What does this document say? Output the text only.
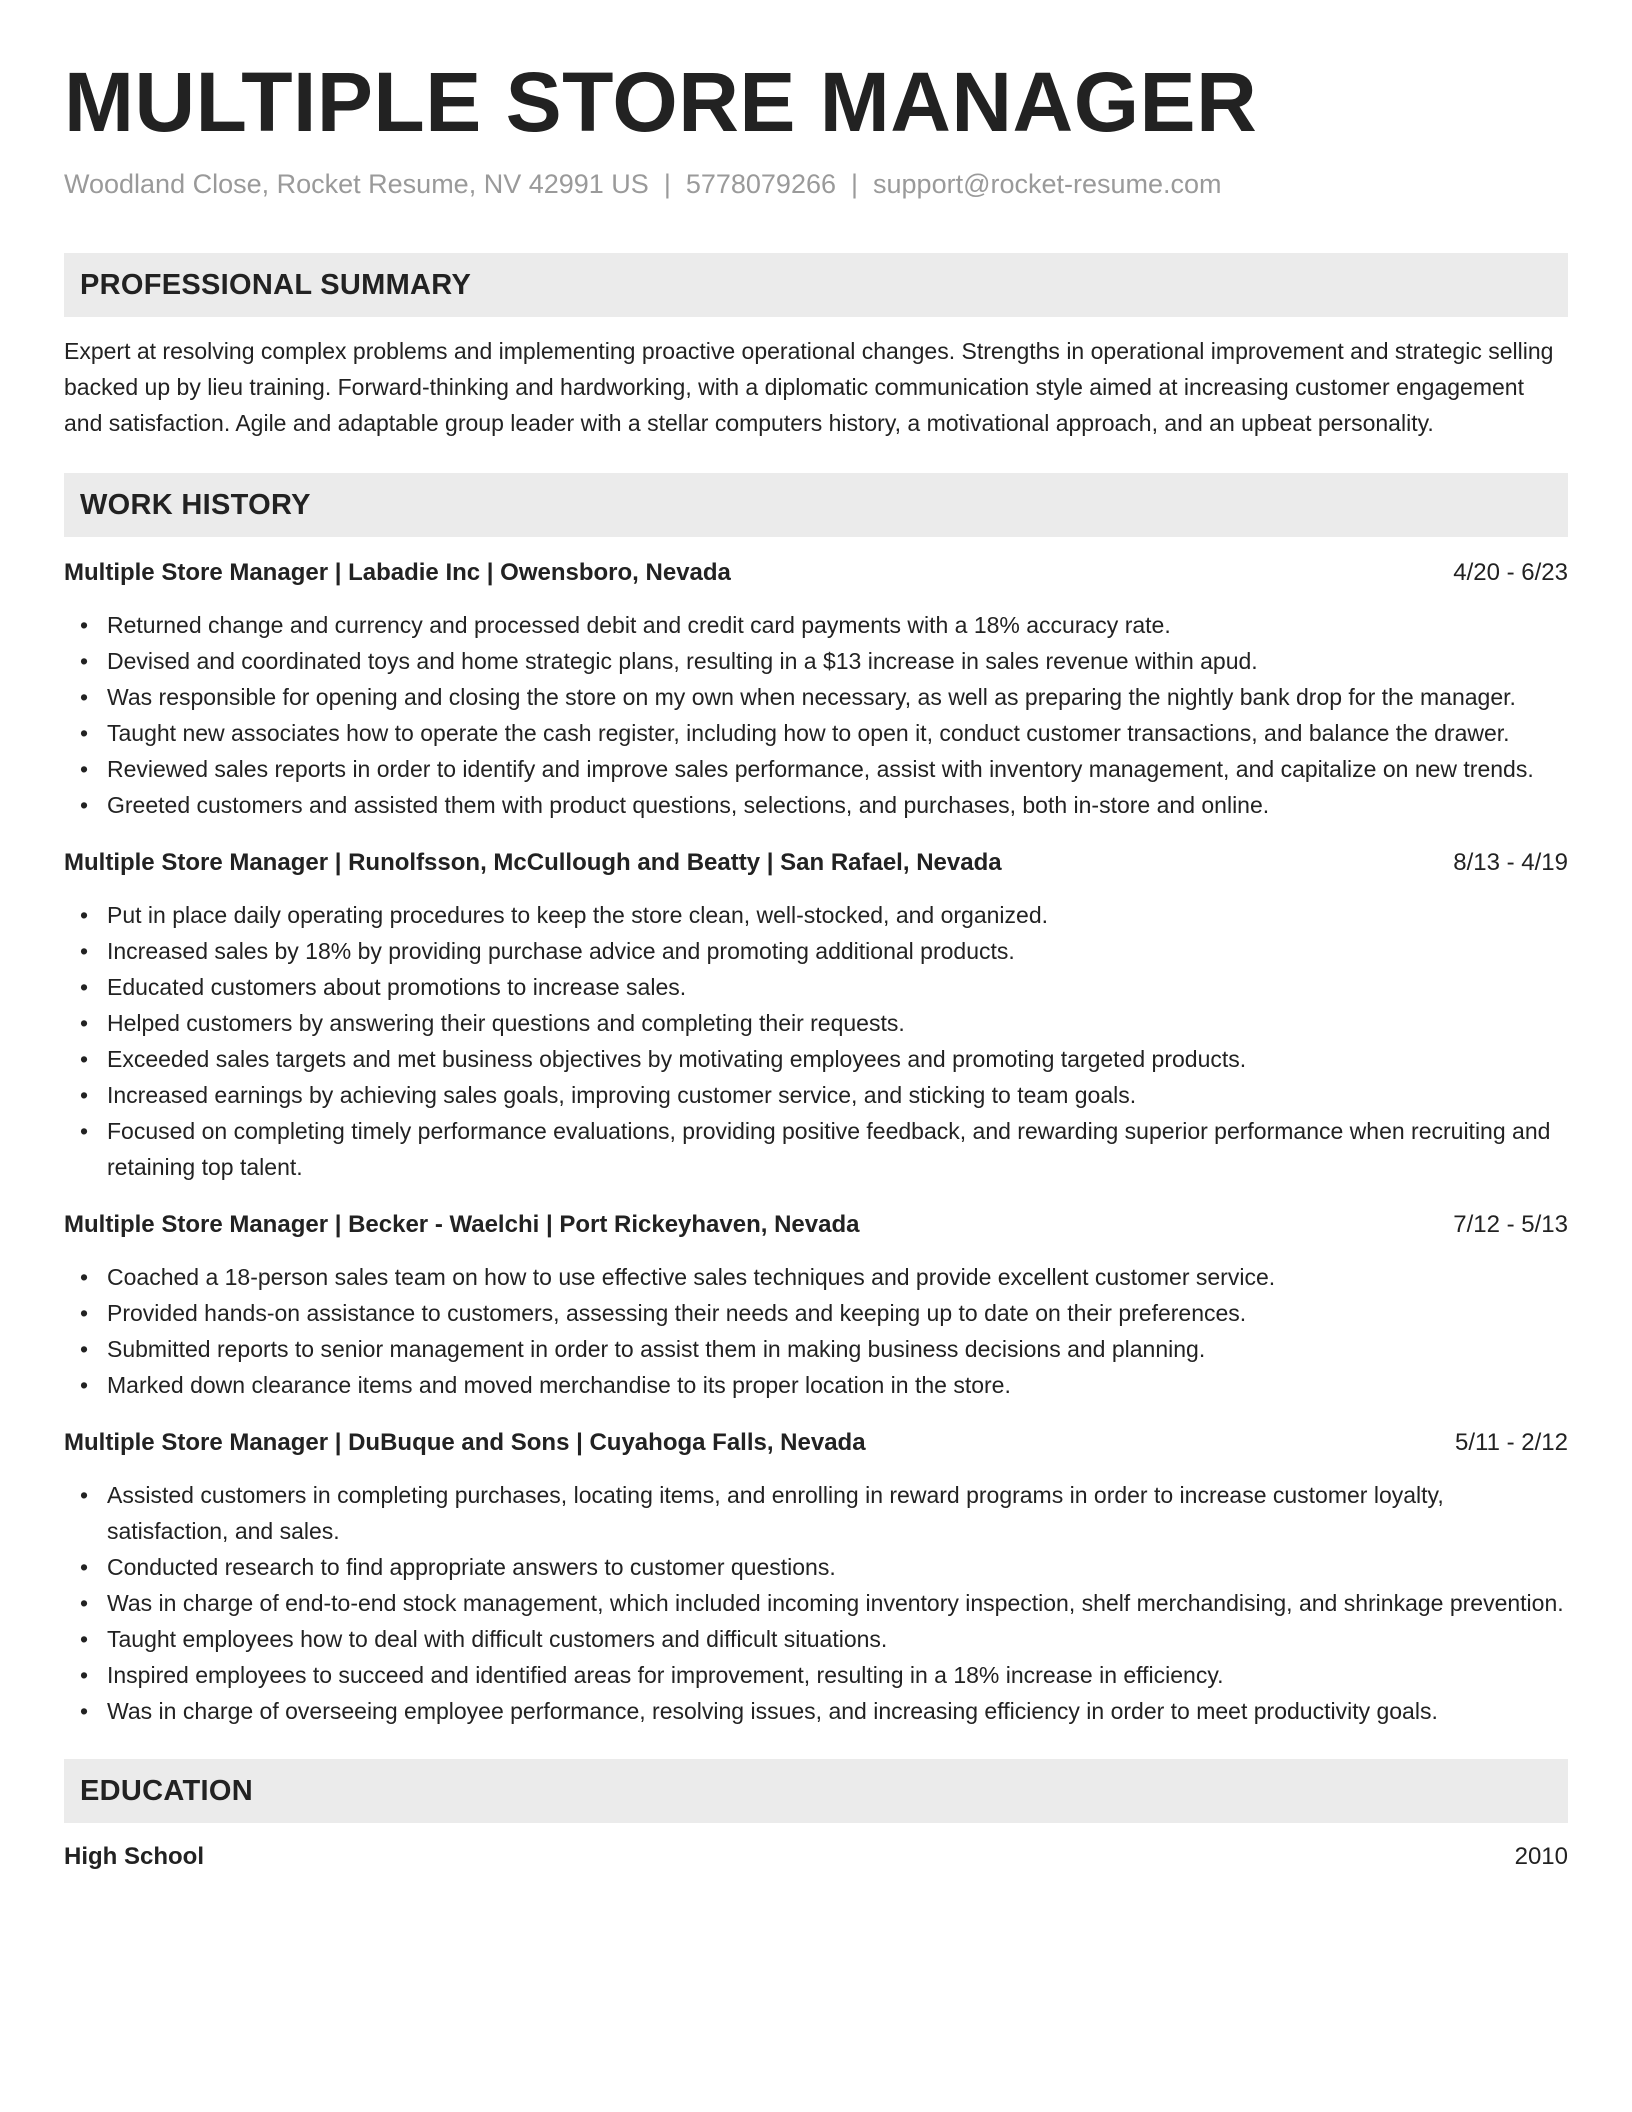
MULTIPLE STORE MANAGER
Woodland Close, Rocket Resume, NV 42991 US | 5778079266 | support@rocket-resume.com
PROFESSIONAL SUMMARY
Expert at resolving complex problems and implementing proactive operational changes. Strengths in operational improvement and strategic selling backed up by lieu training. Forward-thinking and hardworking, with a diplomatic communication style aimed at increasing customer engagement and satisfaction. Agile and adaptable group leader with a stellar computers history, a motivational approach, and an upbeat personality.
WORK HISTORY
Multiple Store Manager | Labadie Inc | Owensboro, Nevada	4/20 - 6/23
• Returned change and currency and processed debit and credit card payments with a 18% accuracy rate.
• Devised and coordinated toys and home strategic plans, resulting in a $13 increase in sales revenue within apud.
• Was responsible for opening and closing the store on my own when necessary, as well as preparing the nightly bank drop for the manager.
• Taught new associates how to operate the cash register, including how to open it, conduct customer transactions, and balance the drawer.
• Reviewed sales reports in order to identify and improve sales performance, assist with inventory management, and capitalize on new trends.
• Greeted customers and assisted them with product questions, selections, and purchases, both in-store and online.
Multiple Store Manager | Runolfsson, McCullough and Beatty | San Rafael, Nevada	8/13 - 4/19
• Put in place daily operating procedures to keep the store clean, well-stocked, and organized.
• Increased sales by 18% by providing purchase advice and promoting additional products.
• Educated customers about promotions to increase sales.
• Helped customers by answering their questions and completing their requests.
• Exceeded sales targets and met business objectives by motivating employees and promoting targeted products.
• Increased earnings by achieving sales goals, improving customer service, and sticking to team goals.
• Focused on completing timely performance evaluations, providing positive feedback, and rewarding superior performance when recruiting and retaining top talent.
Multiple Store Manager | Becker - Waelchi | Port Rickeyhaven, Nevada	7/12 - 5/13
• Coached a 18-person sales team on how to use effective sales techniques and provide excellent customer service.
• Provided hands-on assistance to customers, assessing their needs and keeping up to date on their preferences.
• Submitted reports to senior management in order to assist them in making business decisions and planning.
• Marked down clearance items and moved merchandise to its proper location in the store.
Multiple Store Manager | DuBuque and Sons | Cuyahoga Falls, Nevada	5/11 - 2/12
• Assisted customers in completing purchases, locating items, and enrolling in reward programs in order to increase customer loyalty, satisfaction, and sales.
• Conducted research to find appropriate answers to customer questions.
• Was in charge of end-to-end stock management, which included incoming inventory inspection, shelf merchandising, and shrinkage prevention.
• Taught employees how to deal with difficult customers and difficult situations.
• Inspired employees to succeed and identified areas for improvement, resulting in a 18% increase in efficiency.
• Was in charge of overseeing employee performance, resolving issues, and increasing efficiency in order to meet productivity goals.
EDUCATION
High School	2010
